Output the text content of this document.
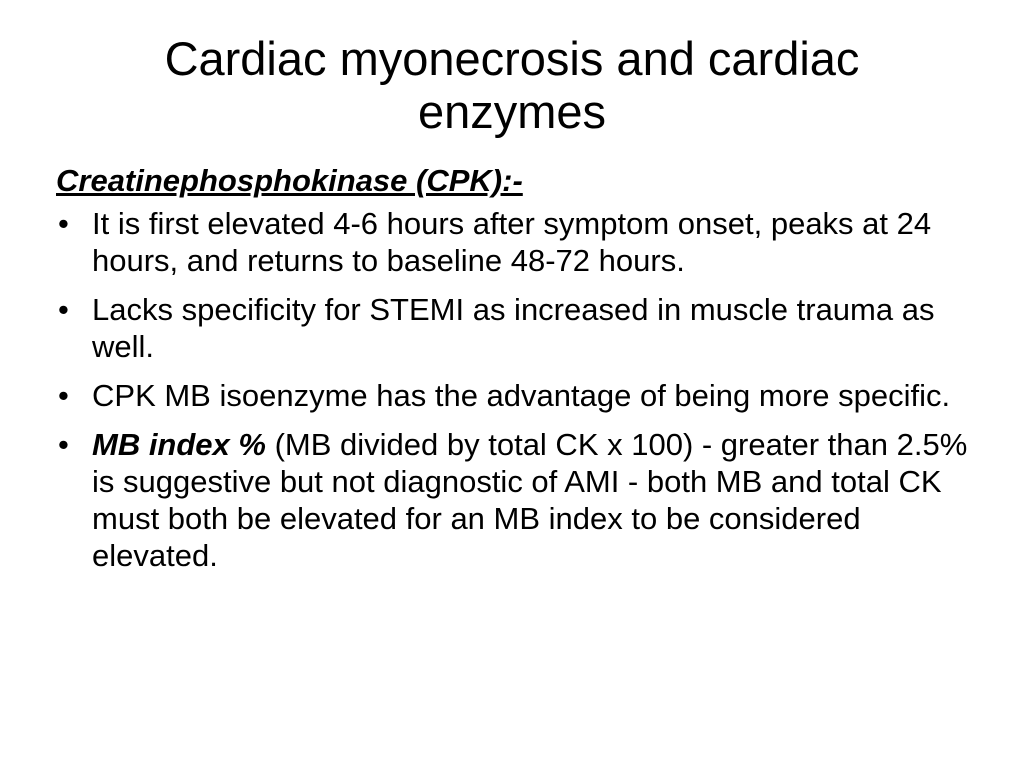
Cardiac myonecrosis and cardiac
enzymes
Creatinephosphokinase (CPK):-
• It is first elevated 4-6 hours after symptom onset, peaks at 24 hours, and returns to baseline 48-72 hours.
• Lacks specificity for STEMI as increased in muscle trauma as well.
• CPK MB isoenzyme has the advantage of being more specific.
• MB index % (MB divided by total CK x 100) - greater than 2.5% is suggestive but not diagnostic of AMI - both MB and total CK must both be elevated for an MB index to be considered elevated.
